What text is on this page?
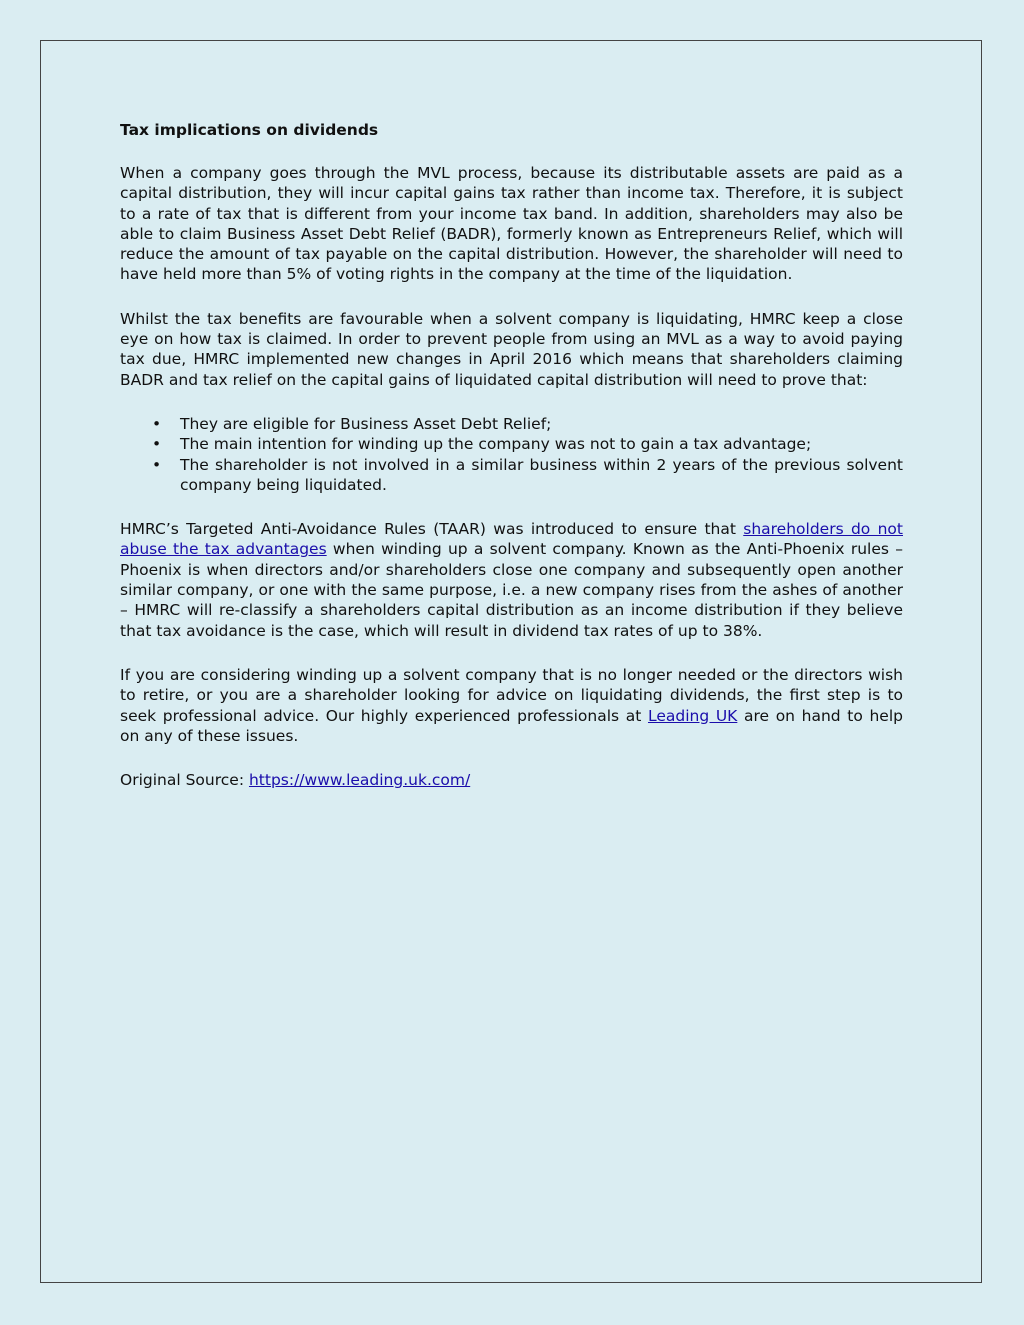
Tax implications on dividends

When a company goes through the MVL process, because its distributable assets are paid as a capital distribution, they will incur capital gains tax rather than income tax. Therefore, it is subject to a rate of tax that is different from your income tax band. In addition, shareholders may also be able to claim Business Asset Debt Relief (BADR), formerly known as Entrepreneurs Relief, which will reduce the amount of tax payable on the capital distribution. However, the shareholder will need to have held more than 5% of voting rights in the company at the time of the liquidation.

Whilst the tax benefits are favourable when a solvent company is liquidating, HMRC keep a close eye on how tax is claimed. In order to prevent people from using an MVL as a way to avoid paying tax due, HMRC implemented new changes in April 2016 which means that shareholders claiming BADR and tax relief on the capital gains of liquidated capital distribution will need to prove that:

• They are eligible for Business Asset Debt Relief;
• The main intention for winding up the company was not to gain a tax advantage;
• The shareholder is not involved in a similar business within 2 years of the previous solvent company being liquidated.

HMRC’s Targeted Anti-Avoidance Rules (TAAR) was introduced to ensure that shareholders do not abuse the tax advantages when winding up a solvent company. Known as the Anti-Phoenix rules – Phoenix is when directors and/or shareholders close one company and subsequently open another similar company, or one with the same purpose, i.e. a new company rises from the ashes of another – HMRC will re-classify a shareholders capital distribution as an income distribution if they believe that tax avoidance is the case, which will result in dividend tax rates of up to 38%.

If you are considering winding up a solvent company that is no longer needed or the directors wish to retire, or you are a shareholder looking for advice on liquidating dividends, the first step is to seek professional advice. Our highly experienced professionals at Leading UK are on hand to help on any of these issues.

Original Source: https://www.leading.uk.com/
